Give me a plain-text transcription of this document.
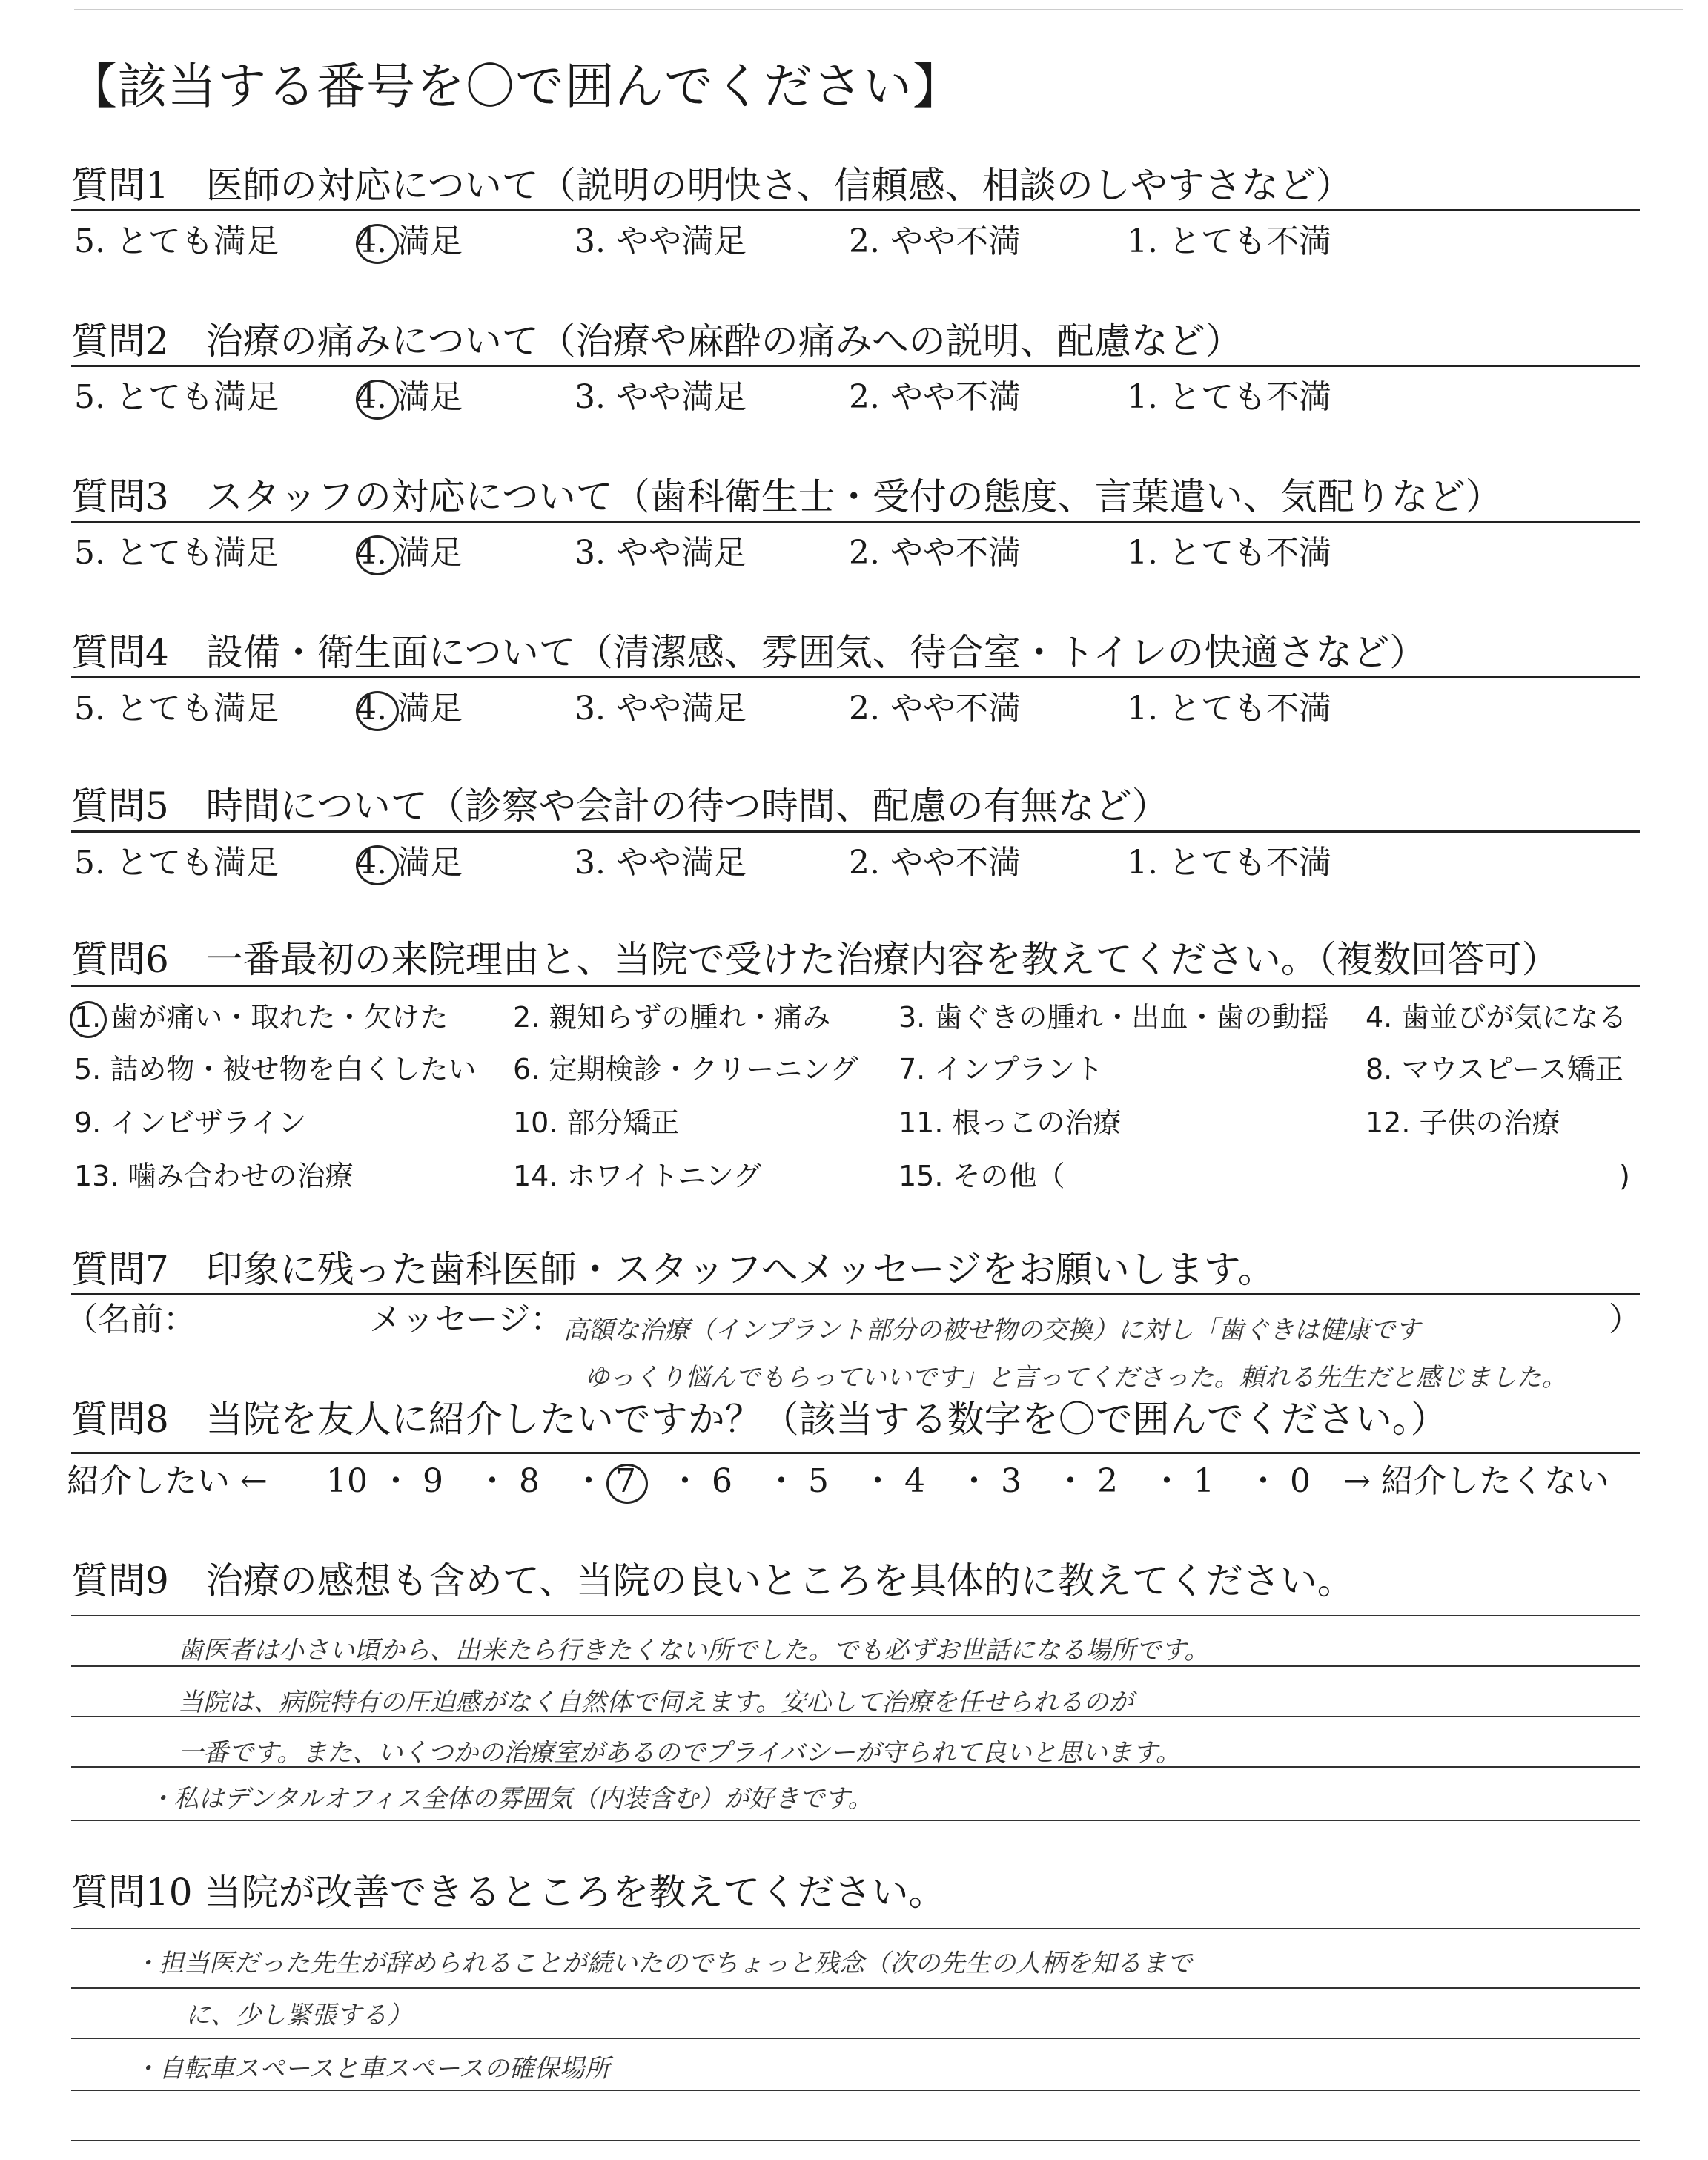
【該当する番号を〇で囲んでください】
質問1　医師の対応について（説明の明快さ、信頼感、相談のしやすさなど）
5. とても満足 4. 満足	3. やや満足	2. やや不満	1. とても不満
質問2　治療の痛みについて（治療や麻酔の痛みへの説明、配慮など）
5. とても満足 4. 満足	3. やや満足	2. やや不満	1. とても不満
質問3　スタッフの対応について（歯科衛生士・受付の態度、言葉遣い、気配りなど）
5. とても満足 4. 満足	3. やや満足	2. やや不満	1. とても不満
質問4　設備・衛生面について（清潔感、雰囲気、待合室・トイレの快適さなど）
5. とても満足 4. 満足	3. やや満足	2. やや不満	1. とても不満
質問5　時間について（診察や会計の待つ時間、配慮の有無など）
5. とても満足 4. 満足	3. やや満足	2. やや不満	1. とても不満
質問6　一番最初の来院理由と、当院で受けた治療内容を教えてください。（複数回答可）
1. 歯が痛い・取れた・欠けた 2. 親知らずの腫れ・痛み 3. 歯ぐきの腫れ・出血・歯の動揺 4. 歯並びが気になる
5. 詰め物・被せ物を白くしたい 6. 定期検診・クリーニング 7. インプラント	8. マウスピース矯正
9. インビザライン	10. 部分矯正	11. 根っこの治療	12. 子供の治療
13. 噛み合わせの治療	14. ホワイトニング	15. その他（	)
質問7　印象に残った歯科医師・スタッフへメッセージをお願いします。
（名前：	メッセージ：	）
高額な治療（インプラント部分の被せ物の交換）に対し「歯ぐきは健康です
ゆっくり悩んでもらっていいです」と言ってくださった。頼れる先生だと感じました。
質問8　当院を友人に紹介したいですか？（該当する数字を〇で囲んでください。）
紹介したい ← 10 ・ 9 ・ 8 ・ 7 ・ 6 ・ 5 ・ 4 ・ 3 ・ 2 ・ 1 ・ 0 → 紹介したくない
質問9　治療の感想も含めて、当院の良いところを具体的に教えてください。
歯医者は小さい頃から、出来たら行きたくない所でした。でも必ずお世話になる場所です。
当院は、病院特有の圧迫感がなく自然体で伺えます。安心して治療を任せられるのが
一番です。また、いくつかの治療室があるのでプライバシーが守られて良いと思います。
・私はデンタルオフィス全体の雰囲気（内装含む）が好きです。
質問10 当院が改善できるところを教えてください。
・担当医だった先生が辞められることが続いたのでちょっと残念（次の先生の人柄を知るまで
に、少し緊張する）
・自転車スペースと車スペースの確保場所
